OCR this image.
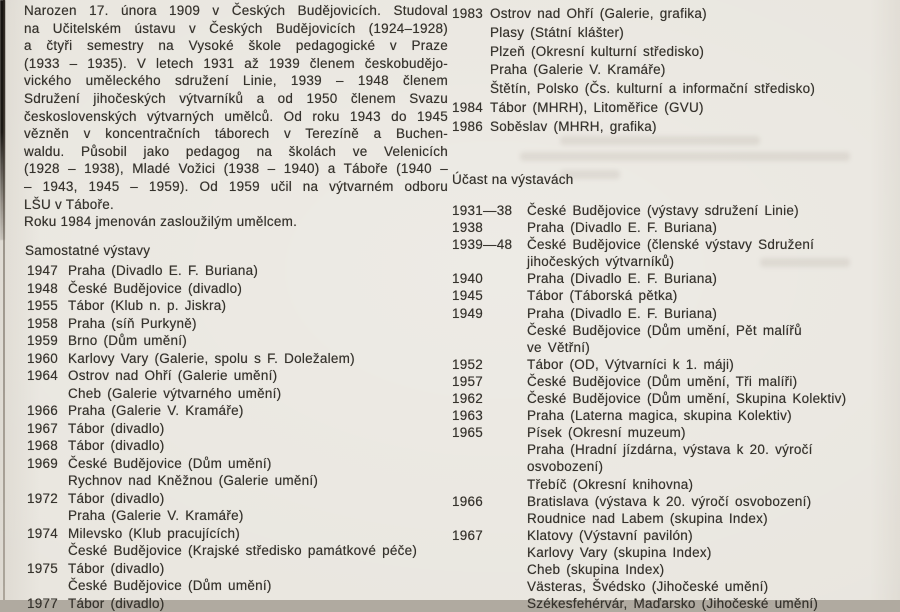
Narozen 17. února 1909 v Českých Budějovicích. Studoval
na Učitelském ústavu v Českých Budějovicích (1924–1928)
a čtyři semestry na Vysoké škole pedagogické v Praze
(1933 – 1935). V letech 1931 až 1939 členem českobudějo-
vického uměleckého sdružení Linie, 1939 – 1948 členem
Sdružení jihočeských výtvarníků a od 1950 členem Svazu
československých výtvarných umělců. Od roku 1943 do 1945
vězněn v koncentračních táborech v Terezíně a Buchen-
waldu. Působil jako pedagog na školách ve Velenicích
(1928 – 1938), Mladé Vožici (1938 – 1940) a Táboře (1940 –
– 1943, 1945 – 1959). Od 1959 učil na výtvarném odboru
LŠU v Táboře.
Roku 1984 jmenován zasloužilým umělcem.
Samostatné výstavy
1947 Praha (Divadlo E. F. Buriana)
1948 České Budějovice (divadlo)
1955 Tábor (Klub n. p. Jiskra)
1958 Praha (síň Purkyně)
1959 Brno (Dům umění)
1960 Karlovy Vary (Galerie, spolu s F. Doležalem)
1964 Ostrov nad Ohří (Galerie umění)
Cheb (Galerie výtvarného umění)
1966 Praha (Galerie V. Kramáře)
1967 Tábor (divadlo)
1968 Tábor (divadlo)
1969 České Budějovice (Dům umění)
Rychnov nad Kněžnou (Galerie umění)
1972 Tábor (divadlo)
Praha (Galerie V. Kramáře)
1974 Milevsko (Klub pracujících)
České Budějovice (Krajské středisko památkové péče)
1975 Tábor (divadlo)
České Budějovice (Dům umění)
1977 Tábor (divadlo)
1983 Ostrov nad Ohří (Galerie, grafika)
Plasy (Státní klášter)
Plzeň (Okresní kulturní středisko)
Praha (Galerie V. Kramáře)
Štětín, Polsko (Čs. kulturní a informační středisko)
1984 Tábor (MHRH), Litoměřice (GVU)
1986 Soběslav (MHRH, grafika)
Účast na výstavách
1931—38	České Budějovice (výstavy sdružení Linie)
1938	Praha (Divadlo E. F. Buriana)
1939—48	České Budějovice (členské výstavy Sdružení
jihočeských výtvarníků)
1940	Praha (Divadlo E. F. Buriana)
1945	Tábor (Táborská pětka)
1949	Praha (Divadlo E. F. Buriana)
České Budějovice (Dům umění, Pět malířů
ve Větřní)
1952	Tábor (OD, Výtvarníci k 1. máji)
1957	České Budějovice (Dům umění, Tři malíři)
1962	České Budějovice (Dům umění, Skupina Kolektiv)
1963	Praha (Laterna magica, skupina Kolektiv)
1965	Písek (Okresní muzeum)
Praha (Hradní jízdárna, výstava k 20. výročí
osvobození)
Třebíč (Okresní knihovna)
1966	Bratislava (výstava k 20. výročí osvobození)
Roudnice nad Labem (skupina Index)
1967	Klatovy (Výstavní pavilón)
Karlovy Vary (skupina Index)
Cheb (skupina Index)
Västeras, Švédsko (Jihočeské umění)
Székesfehérvár, Maďarsko (Jihočeské umění)
